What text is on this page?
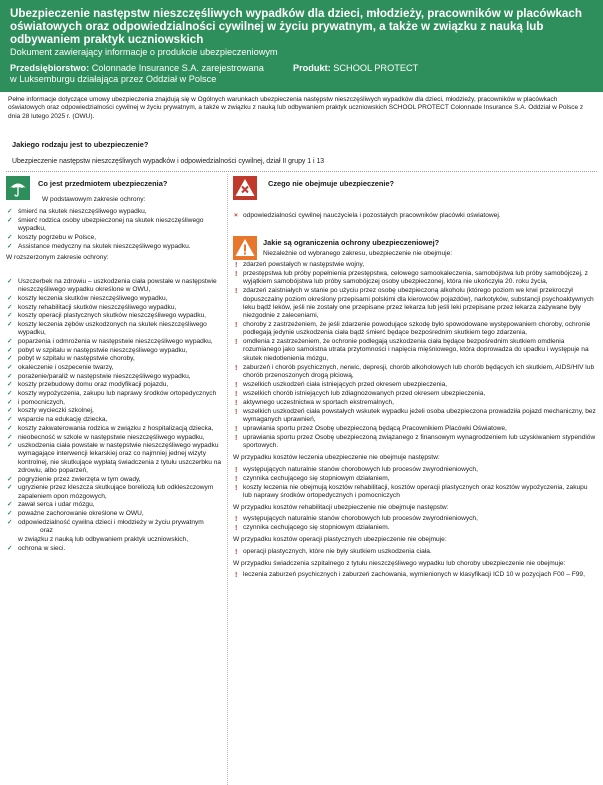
Ubezpieczenie następstw nieszczęśliwych wypadków dla dzieci, młodzieży, pracowników w placówkach oświatowych oraz odpowiedzialności cywilnej w życiu prywatnym, a także w związku z nauką lub odbywaniem praktyk uczniowskich
Dokument zawierający informacje o produkcie ubezpieczeniowym
Przedsiębiorstwo: Colonnade Insurance S.A. zarejestrowana	Produkt: SCHOOL PROTECT
w Luksemburgu działająca przez Oddział w Polsce
Pełne informacje dotyczące umowy ubezpieczenia znajdują się w Ogólnych warunkach ubezpieczenia następstw nieszczęśliwych wypadków dla dzieci, młodzieży, pracowników w placówkach oświatowych oraz odpowiedzialności cywilnej w życiu prywatnym, a także w związku z nauką lub odbywaniem praktyk uczniowskich SCHOOL PROTECT Colonnade Insurance S.A. Oddział w Polsce z dnia 28 lutego 2025 r. (OWU).
Jakiego rodzaju jest to ubezpieczenie?
Ubezpieczenie następstw nieszczęśliwych wypadków i odpowiedzialności cywilnej, dział II grupy 1 i 13
Co jest przedmiotem ubezpieczenia?
W podstawowym zakresie ochrony:
✓ śmierć na skutek nieszczęśliwego wypadku,
✓ śmierć rodzica osoby ubezpieczonej na skutek nieszczęśliwego wypadku,
✓ koszty pogrzebu w Polsce,
✓ Assistance medyczny na skutek nieszczęśliwego wypadku.
W rozszerzonym zakresie ochrony:
✓ Uszczerbek na zdrowiu – uszkodzenia ciała powstałe w następstwie nieszczęśliwego wypadku określone w OWU,
✓ koszty leczenia skutków nieszczęśliwego wypadku,
✓ koszty rehabilitacji skutków nieszczęśliwego wypadku,
✓ koszty operacji plastycznych skutków nieszczęśliwego wypadku,
✓ koszty leczenia zębów uszkodzonych na skutek nieszczęśliwego wypadku,
✓ poparzenia i odmrożenia w następstwie nieszczęśliwego wypadku,
✓ pobyt w szpitalu w następstwie nieszczęśliwego wypadku,
✓ pobyt w szpitalu w następstwie choroby,
✓ okaleczenie i oszpecenie twarzy,
✓ porażenie/paraliż w następstwie nieszczęśliwego wypadku,
✓ koszty przebudowy domu oraz modyfikacji pojazdu,
✓ koszty wypożyczenia, zakupu lub naprawy środków ortopedycznych
✓ i pomocniczych,
✓ koszty wycieczki szkolnej,
✓ wsparcie na edukację dziecka,
✓ koszty zakwaterowania rodzica w związku z hospitalizacją dziecka,
✓ nieobecność w szkole w następstwie nieszczęśliwego wypadku,
✓ uszkodzenia ciała powstałe w następstwie nieszczęśliwego wypadku wymagające interwencji lekarskiej oraz co najmniej jednej wizyty kontrolnej, nie skutkujące wypłatą świadczenia z tytułu uszczerbku na zdrowiu, albo poparzeń,
✓ pogryzienie przez zwierzęta w tym owady,
✓ ugryzienie przez kleszcza skutkujące boreliozą lub odkleszczowym zapaleniem opon mózgowych,
✓ zawał serca i udar mózgu,
✓ poważne zachorowanie określone w OWU,
✓ odpowiedzialność cywilna dzieci i młodzieży w życiu prywatnym
oraz
w związku z nauką lub odbywaniem praktyk uczniowskich,
✓ ochrona w sieci.
Czego nie obejmuje ubezpieczenie?
× odpowiedzialności cywilnej nauczyciela i pozostałych pracowników placówki oświatowej.
Jakie są ograniczenia ochrony ubezpieczeniowej?
Niezależnie od wybranego zakresu, ubezpieczenie nie obejmuje:
! zdarzeń powstałych w następstwie wojny,
! przestępstwa lub próby popełnienia przestępstwa, celowego samookaleczenia, samobójstwa lub próby samobójczej, z wyjątkiem samobójstwa lub próby samobójczej osoby ubezpieczonej, która nie ukończyła 20. roku życia,
! zdarzeń zaistniałych w stanie po użyciu przez osobę ubezpieczoną alkoholu (którego poziom we krwi przekroczył dopuszczalny poziom określony przepisami polskimi dla kierowców pojazdów), narkotyków, substancji psychoaktywnych leku bądź leków, jeśli nie zostały one przepisane przez lekarza lub jeśli leki przepisane przez lekarza zażywane były niezgodnie z zaleceniami,
! choroby z zastrzeżeniem, że jeśli zdarzenie powodujące szkodę było spowodowane występowaniem choroby, ochronie podlegają jedynie uszkodzenia ciała bądź śmierć będące bezpośrednim skutkiem tego zdarzenia,
! omdlenia z zastrzeżeniem, że ochronie podlegają uszkodzenia ciała będące bezpośrednim skutkiem omdlenia rozumianego jako samoistna utrata przytomności i napięcia mięśniowego, która doprowadza do upadku i występuje na skutek niedotlenienia mózgu,
! zaburzeń i chorób psychicznych, nerwic, depresji, chorób alkoholowych lub chorób będących ich skutkiem, AIDS/HIV lub chorób przenoszonych drogą płciową,
! wszelkich uszkodzeń ciała istniejących przed okresem ubezpieczenia,
! wszelkich chorób istniejących lub zdiagnozowanych przed okresem ubezpieczenia,
! aktywnego uczestnictwa w sportach ekstremalnych,
! wszelkich uszkodzeń ciała powstałych wskutek wypadku jeżeli osoba ubezpieczona prowadziła pojazd mechaniczny, bez wymaganych uprawnień,
! uprawiania sportu przez Osobę ubezpieczoną będącą Pracownikiem Placówki Oświatowe,
! uprawiania sportu przez Osobę ubezpieczoną związanego z finansowym wynagrodzeniem lub uzyskiwaniem stypendiów sportowych.
W przypadku kosztów leczenia ubezpieczenie nie obejmuje następstw:
! występujących naturalnie stanów chorobowych lub procesów zwyrodnieniowych,
! czynnika cechującego się stopniowym działaniem,
! koszty leczenia nie obejmują kosztów rehabilitacji, kosztów operacji plastycznych oraz kosztów wypożyczenia, zakupu lub naprawy środków ortopedycznych i pomocniczych
W przypadku kosztów rehabilitacji ubezpieczenie nie obejmuje następstw:
! występujących naturalnie stanów chorobowych lub procesów zwyrodnieniowych,
! czynnika cechującego się stopniowym działaniem.
W przypadku kosztów operacji plastycznych ubezpieczenie nie obejmuje:
! operacji plastycznych, które nie były skutkiem uszkodzenia ciała.
W przypadku świadczenia szpitalnego z tytułu nieszczęśliwego wypadku lub choroby ubezpieczenie nie obejmuje:
! leczenia zaburzeń psychicznych i zaburzeń zachowania, wymienionych w klasyfikacji ICD 10 w pozycjach F00 – F99,
